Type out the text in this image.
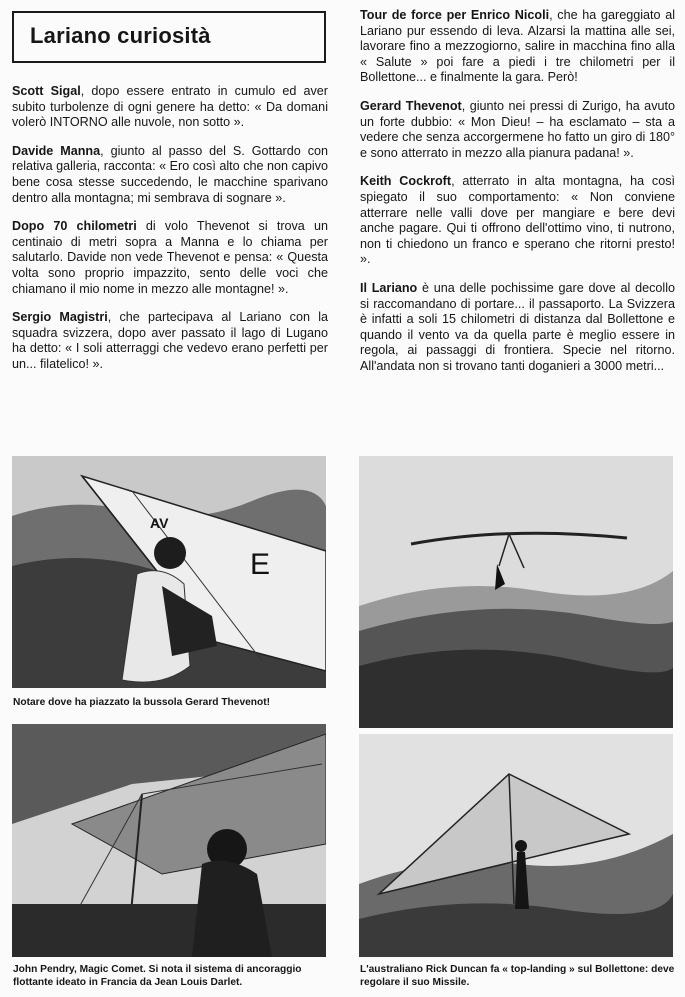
Lariano curiosità

Scott Sigal, dopo essere entrato in cumulo ed aver subito turbolenze di ogni genere ha detto: « Da domani volerò INTORNO alle nuvole, non sotto ».

Davide Manna, giunto al passo del S. Gottardo con relativa galleria, racconta: « Ero così alto che non capivo bene cosa stesse succedendo, le macchine sparivano dentro alla montagna; mi sembrava di sognare ».

Dopo 70 chilometri di volo Thevenot si trova un centinaio di metri sopra a Manna e lo chiama per salutarlo. Davide non vede Thevenot e pensa: « Questa volta sono proprio impazzito, sento delle voci che chiamano il mio nome in mezzo alle montagne! ».

Sergio Magistri, che partecipava al Lariano con la squadra svizzera, dopo aver passato il lago di Lugano ha detto: « I soli atterraggi che vedevo erano perfetti per un... filatelico! ».

Tour de force per Enrico Nicoli, che ha gareggiato al Lariano pur essendo di leva. Alzarsi la mattina alle sei, lavorare fino a mezzogiorno, salire in macchina fino alla « Salute » poi fare a piedi i tre chilometri per il Bollettone... e finalmente la gara. Però!

Gerard Thevenot, giunto nei pressi di Zurigo, ha avuto un forte dubbio: « Mon Dieu! – ha esclamato – sta a vedere che senza accorgermene ho fatto un giro di 180° e sono atterrato in mezzo alla pianura padana! ».

Keith Cockroft, atterrato in alta montagna, ha così spiegato il suo comportamento: « Non conviene atterrare nelle valli dove per mangiare e bere devi anche pagare. Qui ti offrono dell'ottimo vino, ti nutrono, non ti chiedono un franco e sperano che ritorni presto! ».

Il Lariano è una delle pochissime gare dove al decollo si raccomandano di portare... il passaporto. La Svizzera è infatti a soli 15 chilometri di distanza dal Bollettone e quando il vento va da quella parte è meglio essere in regola, ai passaggi di frontiera. Specie nel ritorno. All'andata non si trovano tanti doganieri a 3000 metri...

AV
E
Notare dove ha piazzato la bussola Gerard Thevenot!
John Pendry, Magic Comet. Si nota il sistema di ancoraggio flottante ideato in Francia da Jean Louis Darlet.
L'australiano Rick Duncan fa « top-landing » sul Bollettone: deve regolare il suo Missile.
